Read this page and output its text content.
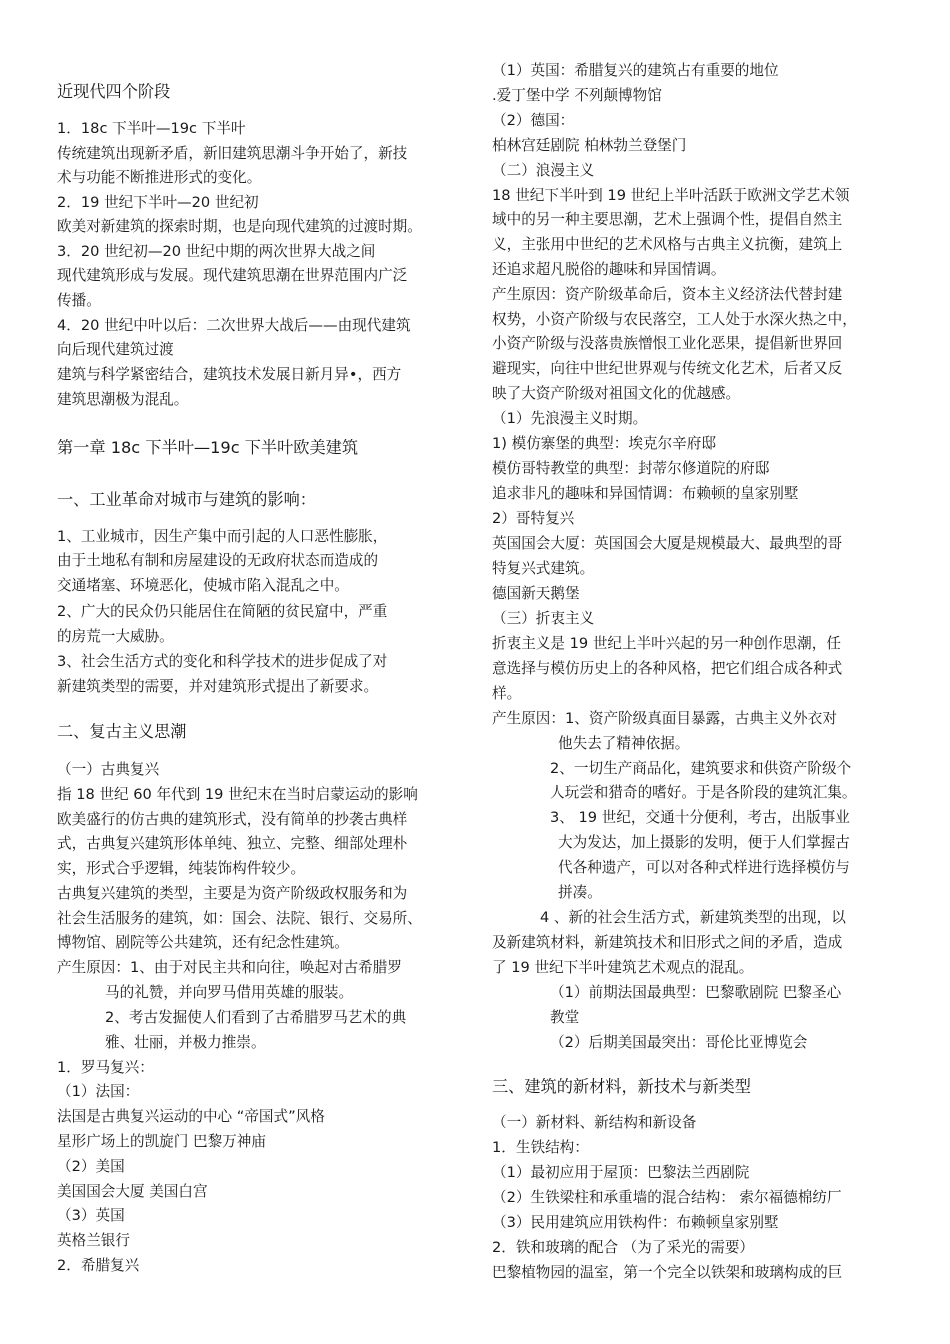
近现代四个阶段
1．18c 下半叶—19c 下半叶
传统建筑出现新矛盾，新旧建筑思潮斗争开始了，新技
术与功能不断推进形式的变化。
2．19 世纪下半叶—20 世纪初
欧美对新建筑的探索时期，也是向现代建筑的过渡时期。
3．20 世纪初—20 世纪中期的两次世界大战之间
现代建筑形成与发展。现代建筑思潮在世界范围内广泛
传播。
4．20 世纪中叶以后：二次世界大战后——由现代建筑
向后现代建筑过渡
建筑与科学紧密结合，建筑技术发展日新月异•，西方
建筑思潮极为混乱。
第一章 18c 下半叶—19c 下半叶欧美建筑
一、工业革命对城市与建筑的影响：
1、工业城市，因生产集中而引起的人口恶性膨胀，
由于土地私有制和房屋建设的无政府状态而造成的
交通堵塞、环境恶化，使城市陷入混乱之中。
2、广大的民众仍只能居住在简陋的贫民窟中，严重
的房荒一大威胁。
3、社会生活方式的变化和科学技术的进步促成了对
新建筑类型的需要，并对建筑形式提出了新要求。
二、复古主义思潮
（一）古典复兴
指 18 世纪 60 年代到 19 世纪末在当时启蒙运动的影响
欧美盛行的仿古典的建筑形式，没有简单的抄袭古典样
式，古典复兴建筑形体单纯、独立、完整、细部处理朴
实，形式合乎逻辑，纯装饰构件较少。
古典复兴建筑的类型，主要是为资产阶级政权服务和为
社会生活服务的建筑，如：国会、法院、银行、交易所、
博物馆、剧院等公共建筑，还有纪念性建筑。
产生原因：1、由于对民主共和向往，唤起对古希腊罗
马的礼赞，并向罗马借用英雄的服装。
2、考古发掘使人们看到了古希腊罗马艺术的典
雅、壮丽，并极力推崇。
1．罗马复兴：
（1）法国：
法国是古典复兴运动的中心 “帝国式”风格
星形广场上的凯旋门 巴黎万神庙
（2）美国
美国国会大厦 美国白宫
（3）英国
英格兰银行
2．希腊复兴
（1）英国：希腊复兴的建筑占有重要的地位
.爱丁堡中学 不列颠博物馆
（2）德国：
柏林宫廷剧院 柏林勃兰登堡门
（二）浪漫主义
18 世纪下半叶到 19 世纪上半叶活跃于欧洲文学艺术领
域中的另一种主要思潮，艺术上强调个性，提倡自然主
义，主张用中世纪的艺术风格与古典主义抗衡，建筑上
还追求超凡脱俗的趣味和异国情调。
产生原因：资产阶级革命后，资本主义经济法代替封建
权势，小资产阶级与农民落空，工人处于水深火热之中，
小资产阶级与没落贵族憎恨工业化恶果，提倡新世界回
避现实，向往中世纪世界观与传统文化艺术，后者又反
映了大资产阶级对祖国文化的优越感。
（1）先浪漫主义时期。
1) 模仿寨堡的典型：埃克尔辛府邸
模仿哥特教堂的典型：封蒂尔修道院的府邸
追求非凡的趣味和异国情调：布赖顿的皇家别墅
2）哥特复兴
英国国会大厦：英国国会大厦是规模最大、最典型的哥
特复兴式建筑。
德国新天鹅堡
（三）折衷主义
折衷主义是 19 世纪上半叶兴起的另一种创作思潮，任
意选择与模仿历史上的各种风格，把它们组合成各种式
样。
产生原因：1、资产阶级真面目暴露，古典主义外衣对
他失去了精神依据。
2、一切生产商品化，建筑要求和供资产阶级个
人玩尝和猎奇的嗜好。于是各阶段的建筑汇集。
3、 19 世纪，交通十分便利，考古，出版事业
大为发达，加上摄影的发明，便于人们掌握古
代各种遗产，可以对各种式样进行选择模仿与
拼凑。
4 、新的社会生活方式，新建筑类型的出现，以
及新建筑材料，新建筑技术和旧形式之间的矛盾，造成
了 19 世纪下半叶建筑艺术观点的混乱。
（1）前期法国最典型：巴黎歌剧院 巴黎圣心
教堂
（2）后期美国最突出：哥伦比亚博览会
三、建筑的新材料，新技术与新类型
（一）新材料、新结构和新设备
1．生铁结构：
（1）最初应用于屋顶：巴黎法兰西剧院
（2）生铁梁柱和承重墙的混合结构： 索尔福德棉纺厂
（3）民用建筑应用铁构件：布赖顿皇家别墅
2．铁和玻璃的配合 （为了采光的需要）
巴黎植物园的温室，第一个完全以铁架和玻璃构成的巨
